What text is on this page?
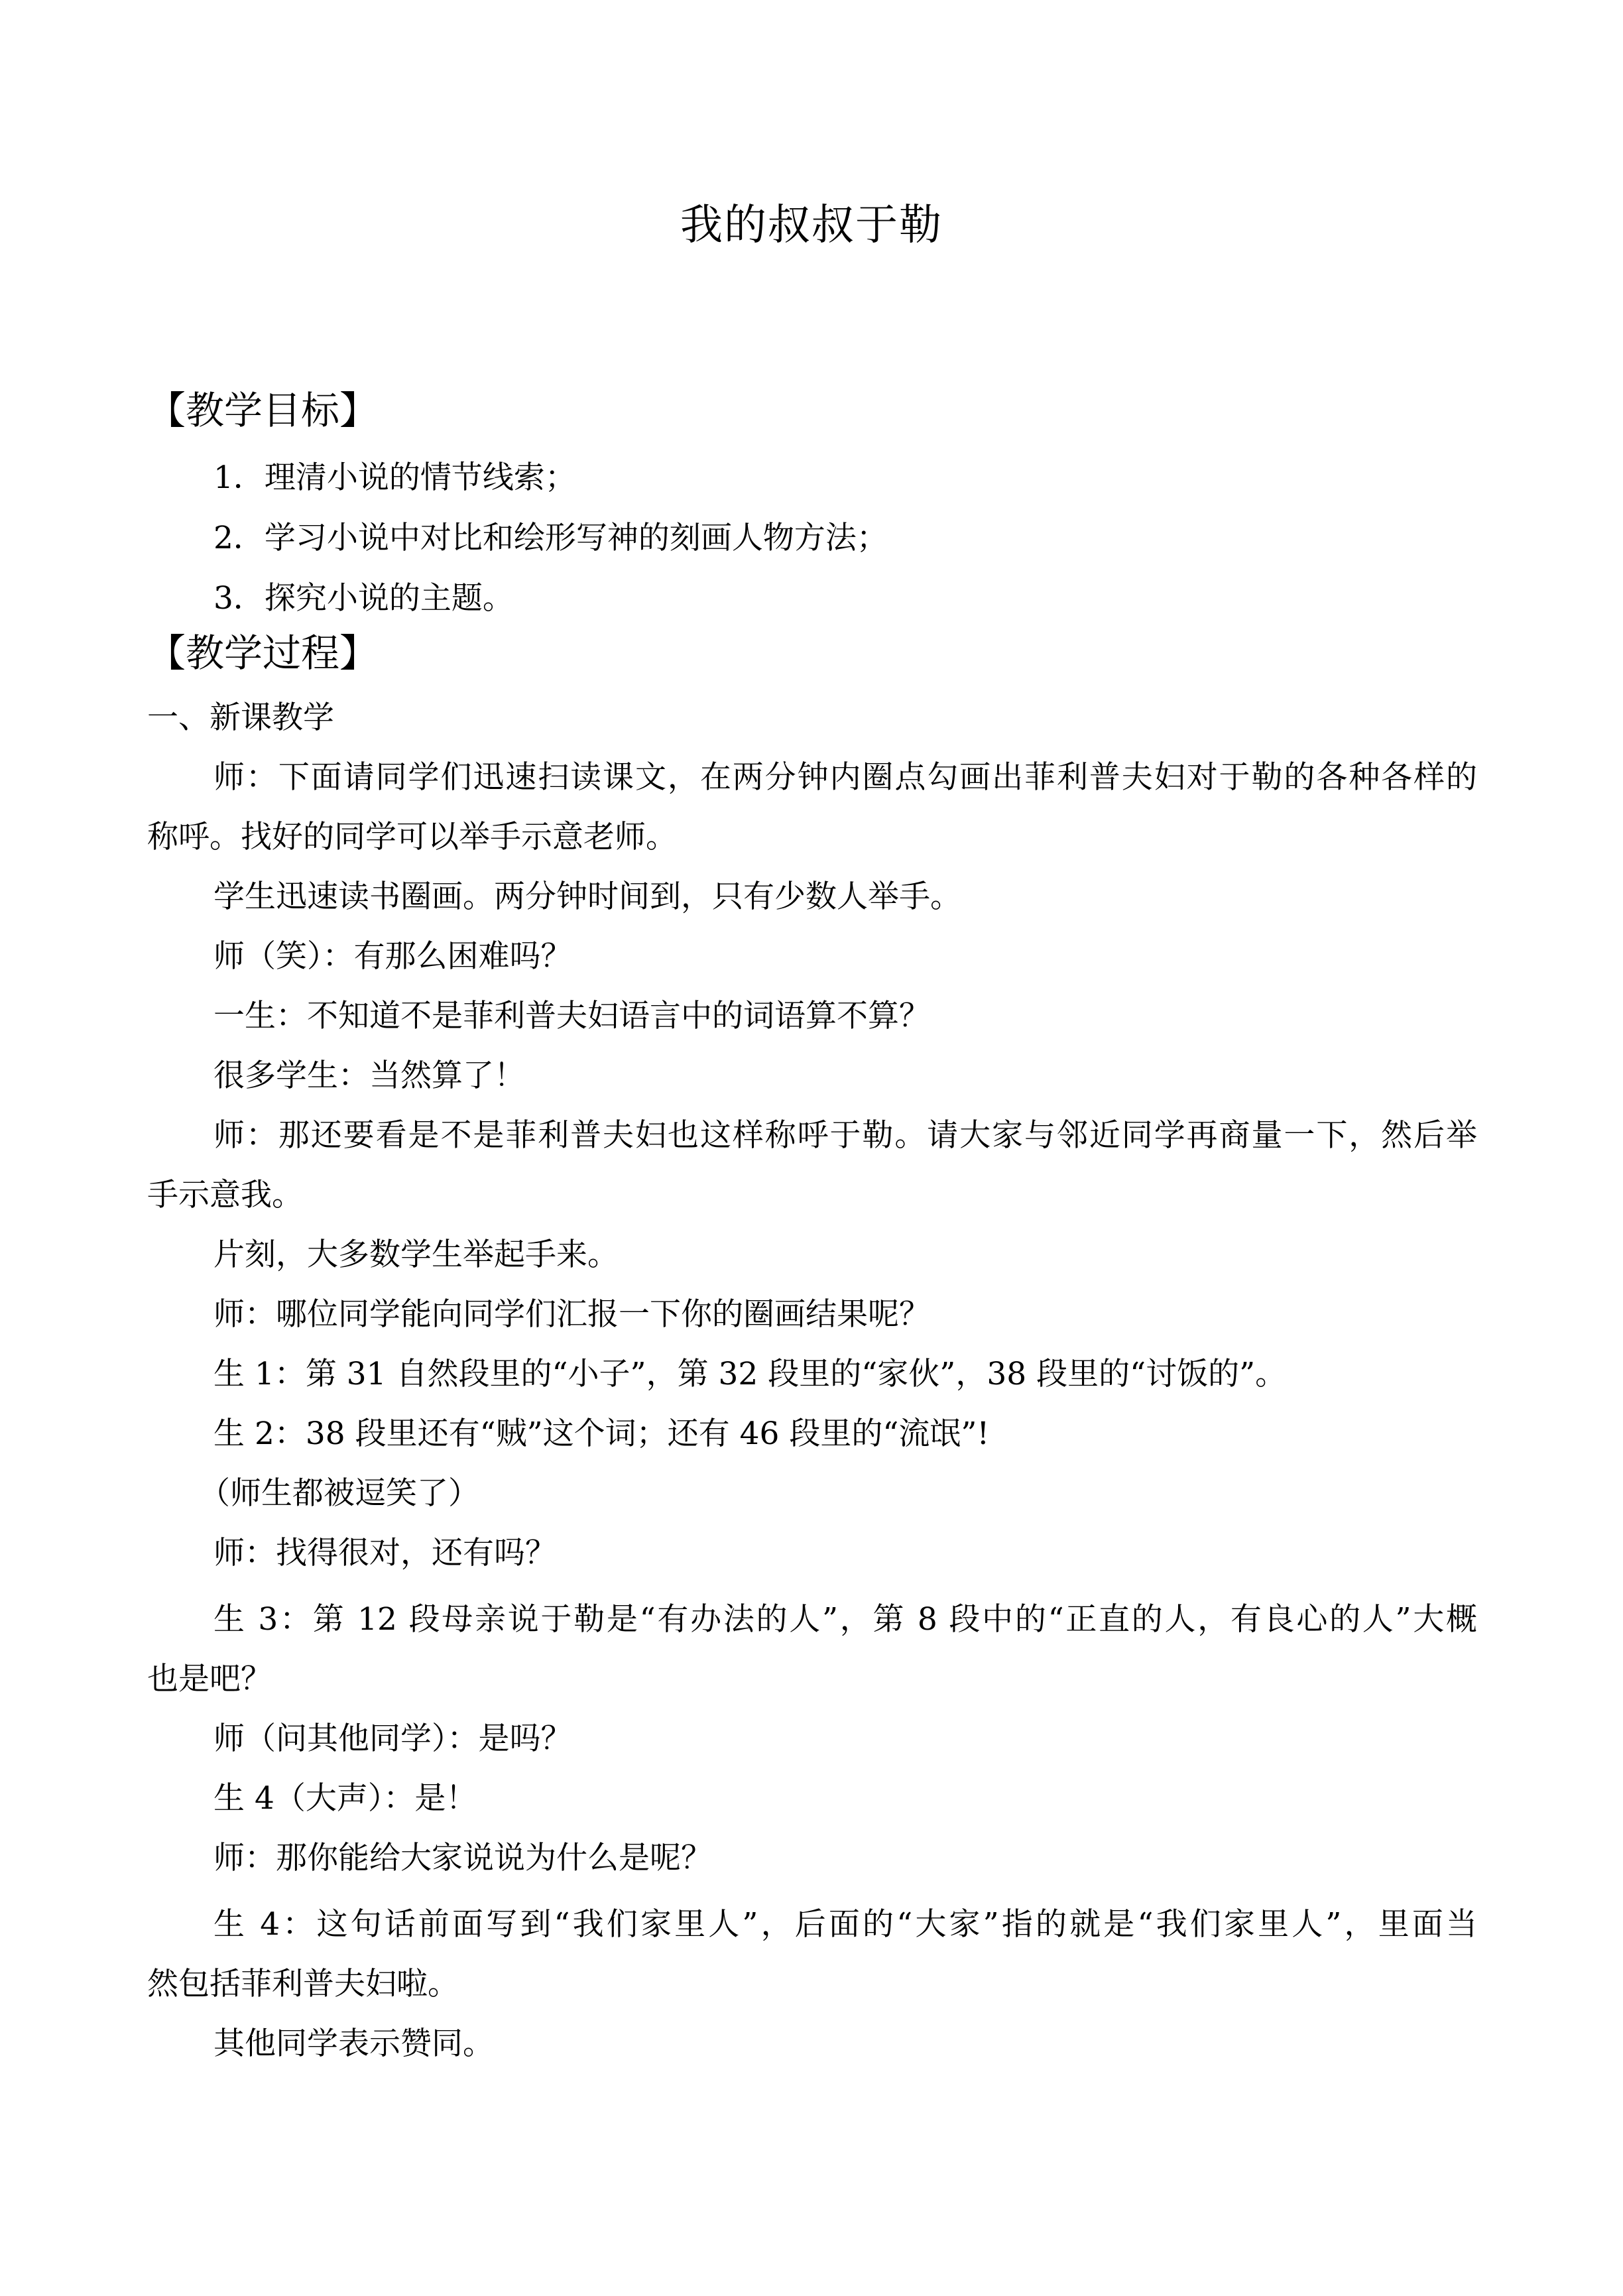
我的叔叔于勒
【教学目标】
1．理清小说的情节线索；
2．学习小说中对比和绘形写神的刻画人物方法；
3．探究小说的主题。
【教学过程】
一、新课教学
师：下面请同学们迅速扫读课文，在两分钟内圈点勾画出菲利普夫妇对于勒的各种各样的
称呼。找好的同学可以举手示意老师。
学生迅速读书圈画。两分钟时间到，只有少数人举手。
师（笑）：有那么困难吗？
一生：不知道不是菲利普夫妇语言中的词语算不算？
很多学生：当然算了！
师：那还要看是不是菲利普夫妇也这样称呼于勒。请大家与邻近同学再商量一下，然后举
手示意我。
片刻，大多数学生举起手来。
师：哪位同学能向同学们汇报一下你的圈画结果呢？
生 1：第 31 自然段里的“小子”，第 32 段里的“家伙”，38 段里的“讨饭的”。
生 2：38 段里还有“贼”这个词；还有 46 段里的“流氓”!
（师生都被逗笑了）
师：找得很对，还有吗？
生 3：第 12 段母亲说于勒是“有办法的人”，第 8 段中的“正直的人，有良心的人”大概
也是吧？
师（问其他同学）：是吗？
生 4（大声）：是！
师：那你能给大家说说为什么是呢？
生 4：这句话前面写到“我们家里人”，后面的“大家”指的就是“我们家里人”，里面当
然包括菲利普夫妇啦。
其他同学表示赞同。
